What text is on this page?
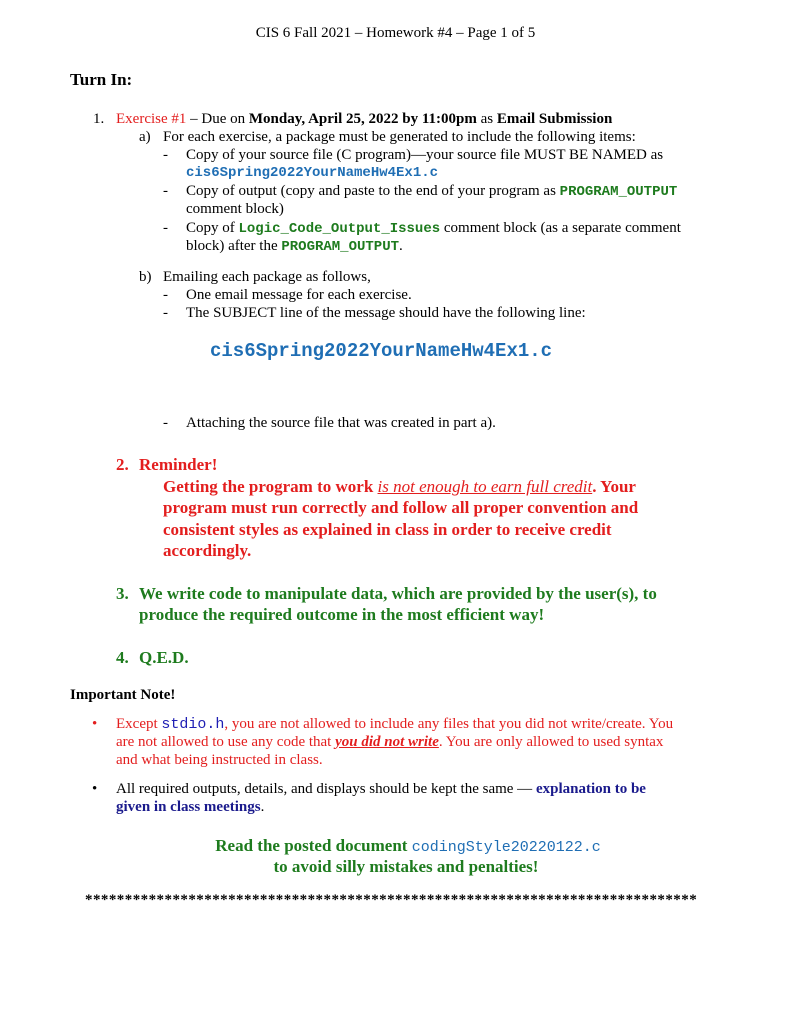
CIS 6 Fall 2021 – Homework #4 – Page 1 of 5
Turn In:
1. Exercise #1 – Due on Monday, April 25, 2022 by 11:00pm as Email Submission
a) For each exercise, a package must be generated to include the following items:
- Copy of your source file (C program)—your source file MUST BE NAMED as
cis6Spring2022YourNameHw4Ex1.c
- Copy of output (copy and paste to the end of your program as PROGRAM_OUTPUT
comment block)
- Copy of Logic_Code_Output_Issues comment block (as a separate comment
block) after the PROGRAM_OUTPUT.
b) Emailing each package as follows,
- One email message for each exercise.
- The SUBJECT line of the message should have the following line:
cis6Spring2022YourNameHw4Ex1.c
- Attaching the source file that was created in part a).
2. Reminder!
Getting the program to work is not enough to earn full credit. Your
program must run correctly and follow all proper convention and
consistent styles as explained in class in order to receive credit
accordingly.
3. We write code to manipulate data, which are provided by the user(s), to
produce the required outcome in the most efficient way!
4. Q.E.D.
Important Note!
• Except stdio.h, you are not allowed to include any files that you did not write/create. You
are not allowed to use any code that you did not write. You are only allowed to used syntax
and what being instructed in class.
• All required outputs, details, and displays should be kept the same — explanation to be
given in class meetings.
Read the posted document codingStyle20220122.c
to avoid silly mistakes and penalties!
*****************************************************************************
